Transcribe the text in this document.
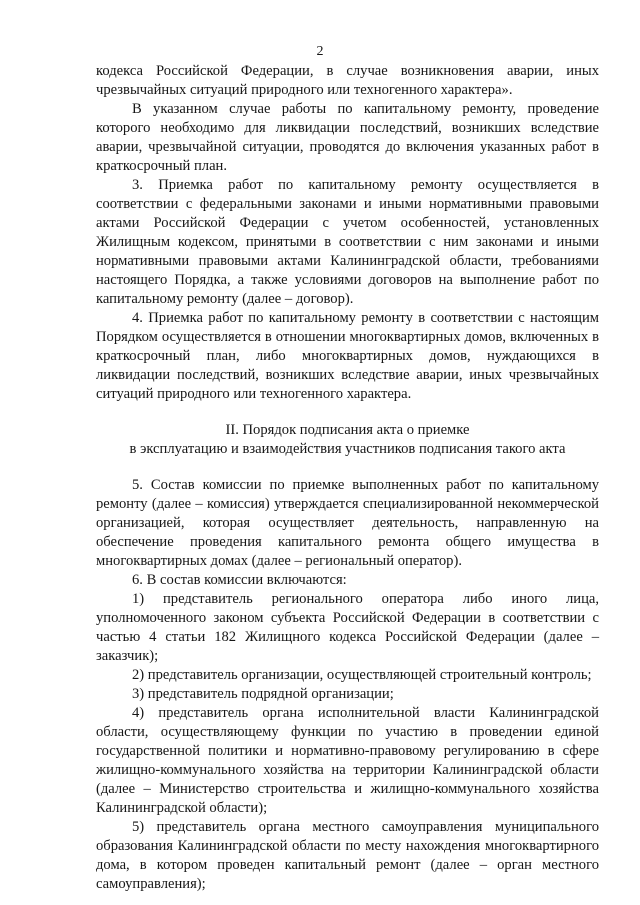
2

кодекса Российской Федерации, в случае возникновения аварии, иных чрезвычайных ситуаций природного или техногенного характера».

В указанном случае работы по капитальному ремонту, проведение которого необходимо для ликвидации последствий, возникших вследствие аварии, чрезвычайной ситуации, проводятся до включения указанных работ в краткосрочный план.

3. Приемка работ по капитальному ремонту осуществляется в соответствии с федеральными законами и иными нормативными правовыми актами Российской Федерации с учетом особенностей, установленных Жилищным кодексом, принятыми в соответствии с ним законами и иными нормативными правовыми актами Калининградской области, требованиями настоящего Порядка, а также условиями договоров на выполнение работ по капитальному ремонту (далее – договор).

4. Приемка работ по капитальному ремонту в соответствии с настоящим Порядком осуществляется в отношении многоквартирных домов, включенных в краткосрочный план, либо многоквартирных домов, нуждающихся в ликвидации последствий, возникших вследствие аварии, иных чрезвычайных ситуаций природного или техногенного характера.

II. Порядок подписания акта о приемке
в эксплуатацию и взаимодействия участников подписания такого акта

5. Состав комиссии по приемке выполненных работ по капитальному ремонту (далее – комиссия) утверждается специализированной некоммерческой организацией, которая осуществляет деятельность, направленную на обеспечение проведения капитального ремонта общего имущества в многоквартирных домах (далее – региональный оператор).

6. В состав комиссии включаются:

1) представитель регионального оператора либо иного лица, уполномоченного законом субъекта Российской Федерации в соответствии с частью 4 статьи 182 Жилищного кодекса Российской Федерации (далее – заказчик);

2) представитель организации, осуществляющей строительный контроль;

3) представитель подрядной организации;

4) представитель органа исполнительной власти Калининградской области, осуществляющему функции по участию в проведении единой государственной политики и нормативно-правовому регулированию в сфере жилищно-коммунального хозяйства на территории Калининградской области (далее – Министерство строительства и жилищно-коммунального хозяйства Калининградской области);

5) представитель органа местного самоуправления муниципального образования Калининградской области по месту нахождения многоквартирного дома, в котором проведен капитальный ремонт (далее – орган местного самоуправления);
